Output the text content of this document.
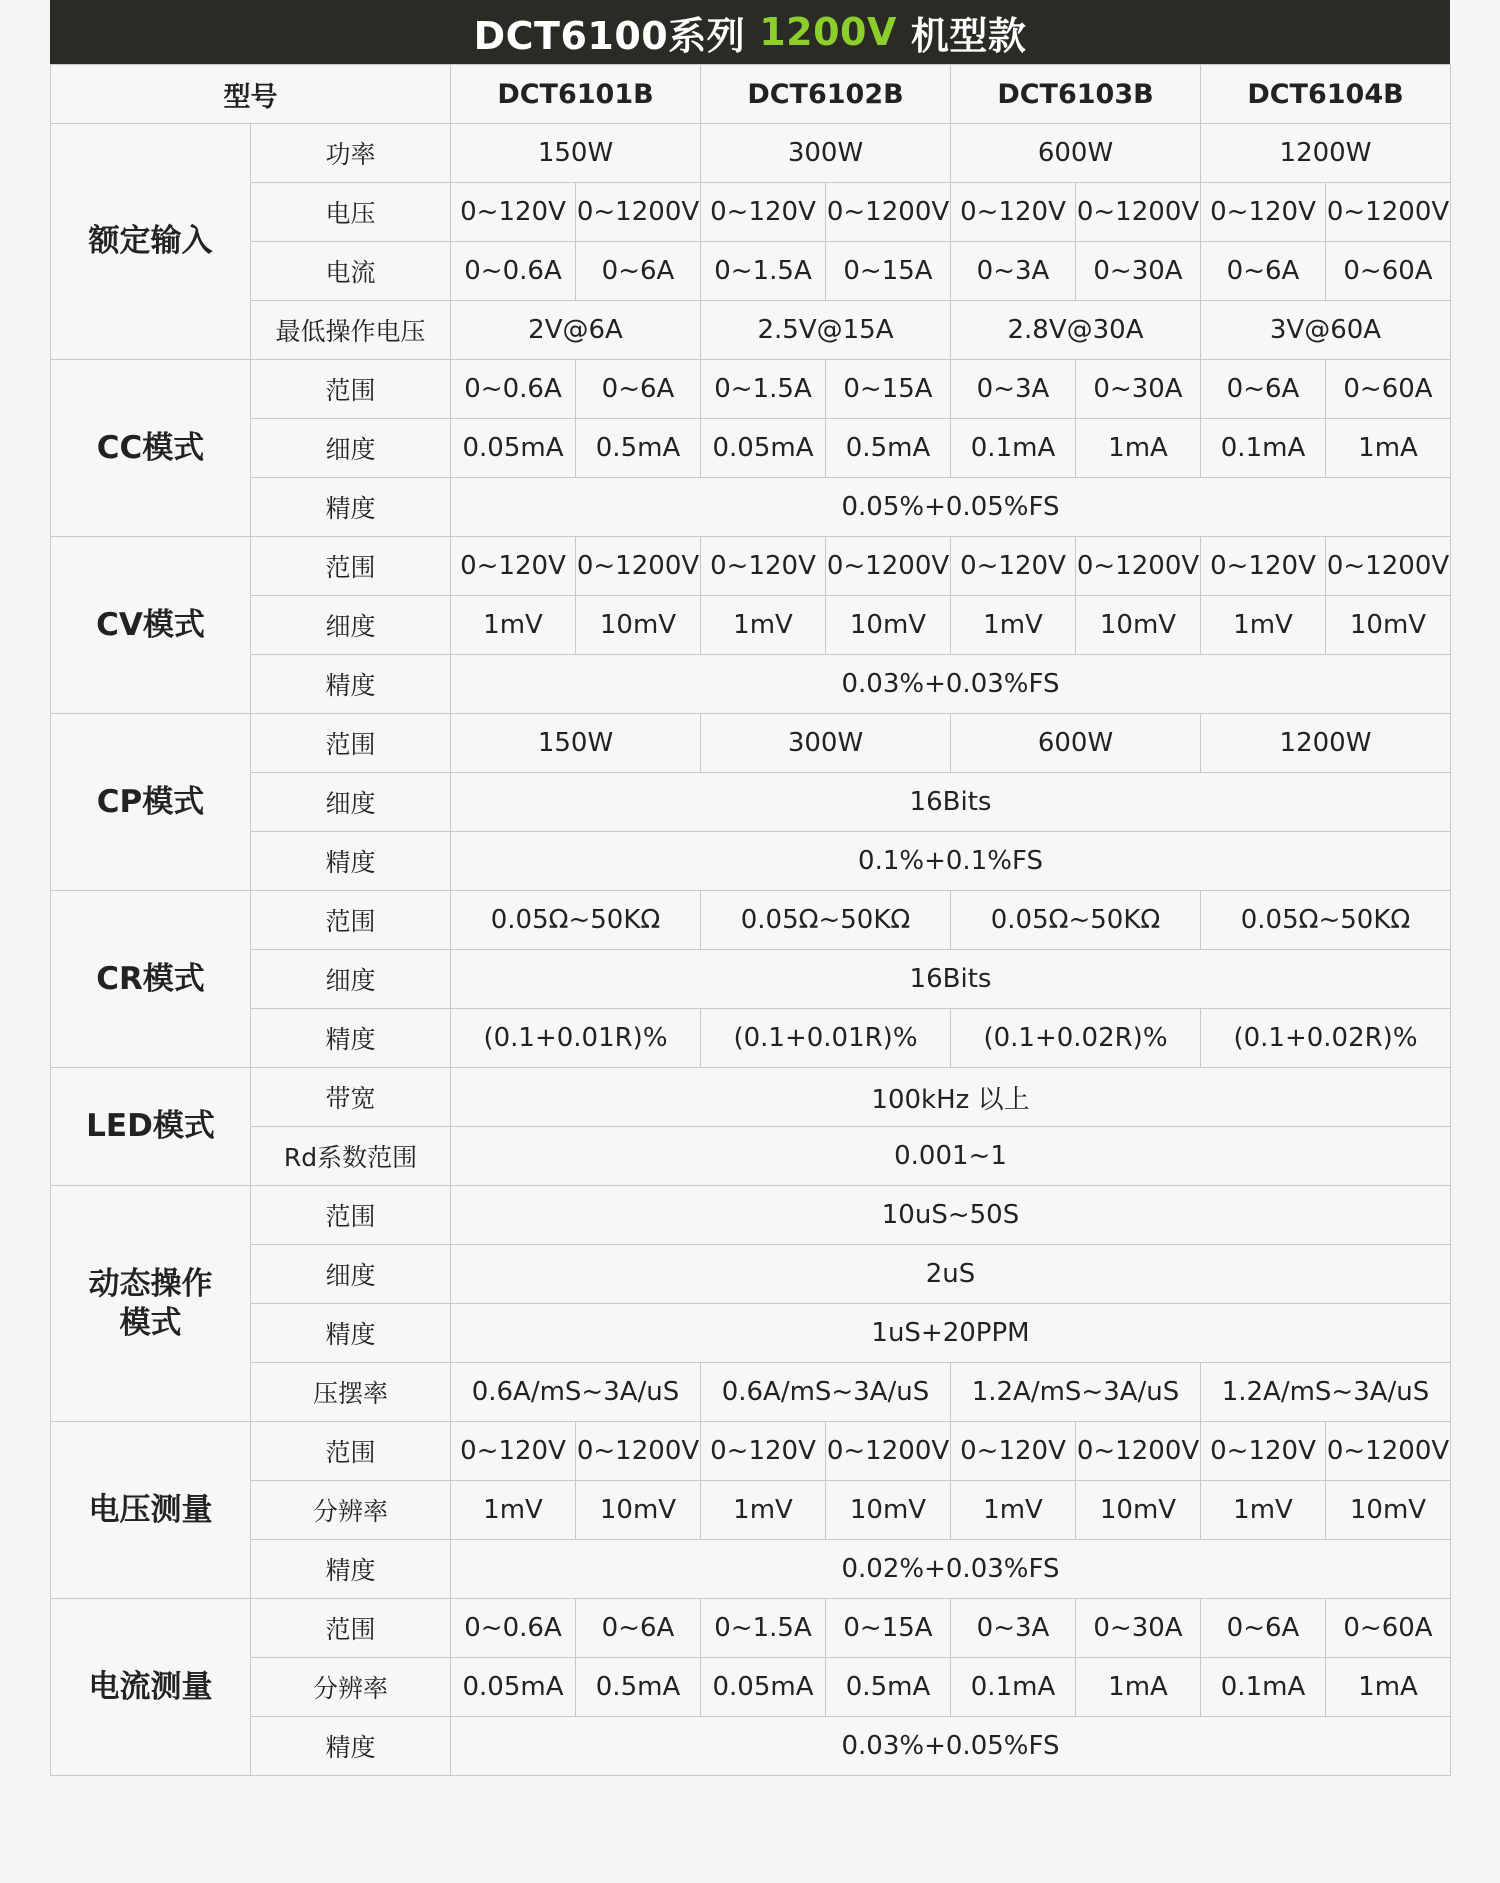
DCT6100系列 1200V 机型款
型号		DCT6101B		DCT6102B		DCT6103B		DCT6104B	
额定输入	功率	150W		300W		600W		1200W	
	电压	0~120V	0~1200V	0~120V	0~1200V	0~120V	0~1200V	0~120V	0~1200V
	电流	0~0.6A	0~6A	0~1.5A	0~15A	0~3A	0~30A	0~6A	0~60A
	最低操作电压	2V@6A		2.5V@15A		2.8V@30A		3V@60A	
CC模式	范围	0~0.6A	0~6A	0~1.5A	0~15A	0~3A	0~30A	0~6A	0~60A
	细度	0.05mA	0.5mA	0.05mA	0.5mA	0.1mA	1mA	0.1mA	1mA
	精度	0.05%+0.05%FS							
CV模式	范围	0~120V	0~1200V	0~120V	0~1200V	0~120V	0~1200V	0~120V	0~1200V
	细度	1mV	10mV	1mV	10mV	1mV	10mV	1mV	10mV
	精度	0.03%+0.03%FS							
CP模式	范围	150W		300W		600W		1200W	
	细度	16Bits							
	精度	0.1%+0.1%FS							
CR模式	范围	0.05Ω~50KΩ		0.05Ω~50KΩ		0.05Ω~50KΩ		0.05Ω~50KΩ	
	细度	16Bits							
	精度	(0.1+0.01R)%		(0.1+0.01R)%		(0.1+0.02R)%		(0.1+0.02R)%	
LED模式	带宽	100kHz 以上							
	Rd系数范围	0.001~1							
动态操作
模式	范围	10uS~50S							
	细度	2uS							
	精度	1uS+20PPM							
	压摆率	0.6A/mS~3A/uS		0.6A/mS~3A/uS		1.2A/mS~3A/uS		1.2A/mS~3A/uS	
电压测量	范围	0~120V	0~1200V	0~120V	0~1200V	0~120V	0~1200V	0~120V	0~1200V
	分辨率	1mV	10mV	1mV	10mV	1mV	10mV	1mV	10mV
	精度	0.02%+0.03%FS							
电流测量	范围	0~0.6A	0~6A	0~1.5A	0~15A	0~3A	0~30A	0~6A	0~60A
	分辨率	0.05mA	0.5mA	0.05mA	0.5mA	0.1mA	1mA	0.1mA	1mA
	精度	0.03%+0.05%FS							
